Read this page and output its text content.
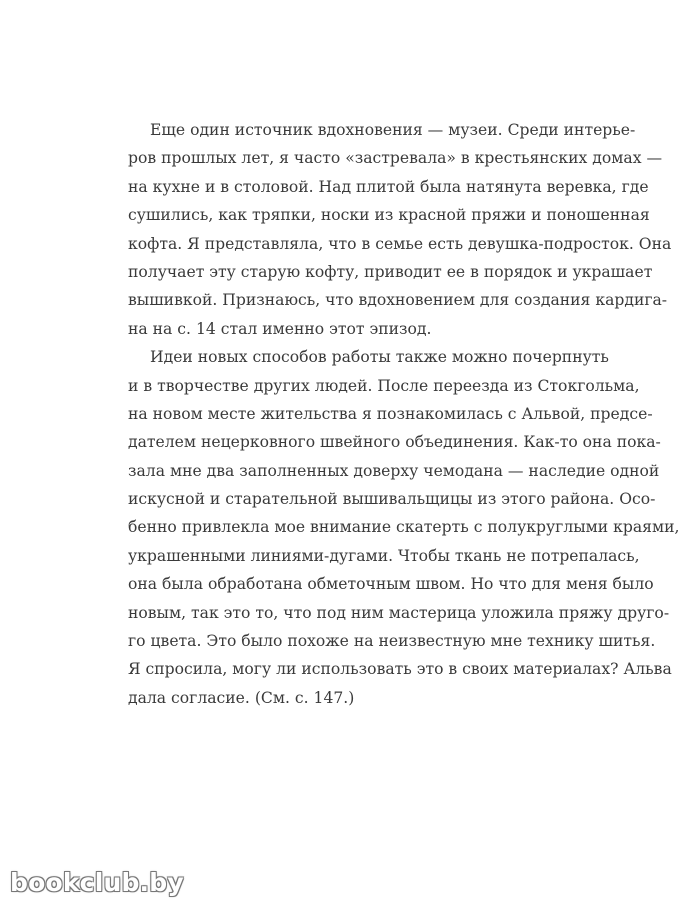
Еще один источник вдохновения — музеи. Среди интерье-
ров прошлых лет, я часто «застревала» в крестьянских домах —
на кухне и в столовой. Над плитой была натянута веревка, где
сушились, как тряпки, носки из красной пряжи и поношенная
кофта. Я представляла, что в семье есть девушка-подросток. Она
получает эту старую кофту, приводит ее в порядок и украшает
вышивкой. Признаюсь, что вдохновением для создания кардига-
на на с. 14 стал именно этот эпизод.
Идеи новых способов работы также можно почерпнуть
и в творчестве других людей. После переезда из Стокгольма,
на новом месте жительства я познакомилась с Альвой, предсе-
дателем нецерковного швейного объединения. Как-то она пока-
зала мне два заполненных доверху чемодана — наследие одной
искусной и старательной вышивальщицы из этого района. Осо-
бенно привлекла мое внимание скатерть с полукруглыми краями,
украшенными линиями-дугами. Чтобы ткань не потрепалась,
она была обработана обметочным швом. Но что для меня было
новым, так это то, что под ним мастерица уложила пряжу друго-
го цвета. Это было похоже на неизвестную мне технику шитья.
Я спросила, могу ли использовать это в своих материалах? Альва
дала согласие. (См. с. 147.)
bookclub.by
